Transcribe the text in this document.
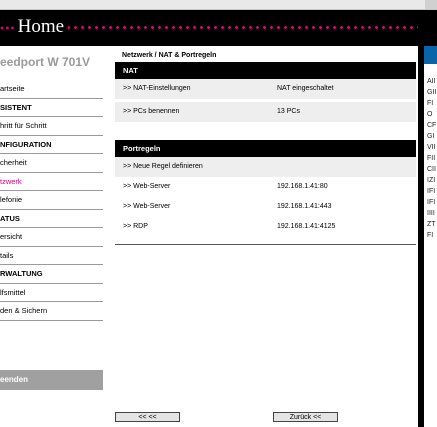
••• Home
AIIGIIFIOCFGIVIIFIICIIIZIIFIIFIIIIIZTFI
eedport W 701V
artseite
SISTENT
hritt für Schritt
NFIGURATION
cherheit
tzwerk
lefonie
ATUS
ersicht
tails
RWALTUNG
lfsmittel
den & Sichern
eenden
Netzwerk / NAT & Portregeln
NAT
>> NAT-Einstellungen	NAT eingeschaltet
>> PCs benennen	13 PCs
Portregeln
>> Neue Regel definieren
>> Web-Server	192.168.1.41:80
>> Web-Server	192.168.1.41:443
>> RDP	192.168.1.41:4125
<< <<	Zurück <<
